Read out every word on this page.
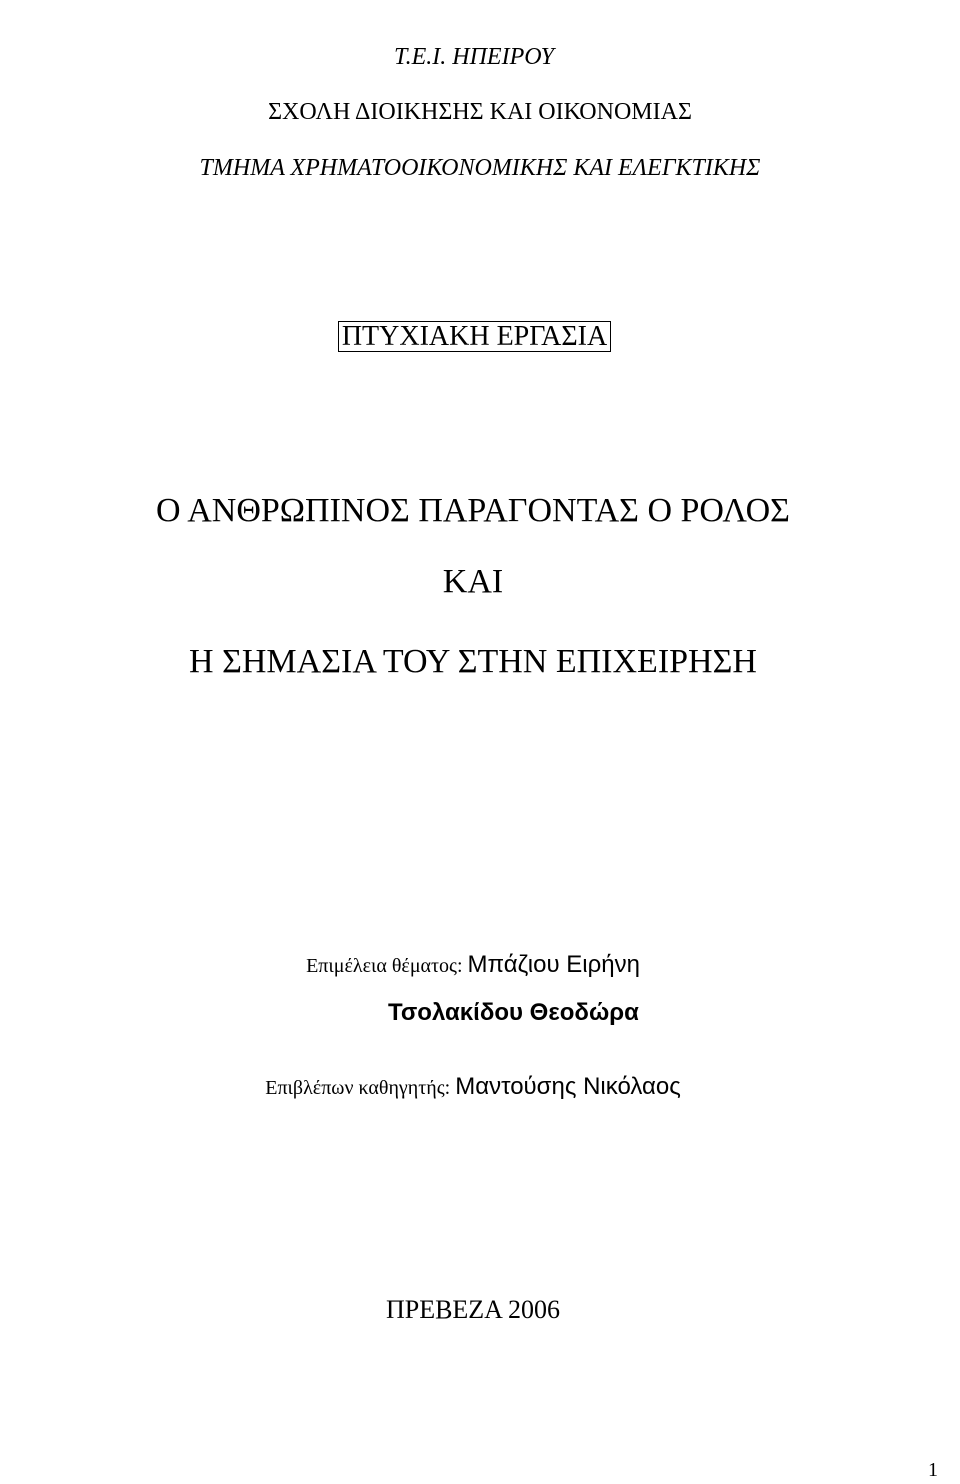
Τ.Ε.Ι. ΗΠΕΙΡΟΥ
ΣΧΟΛΗ ΔΙΟΙΚΗΣΗΣ ΚΑΙ ΟΙΚΟΝΟΜΙΑΣ
ΤΜΗΜΑ ΧΡΗΜΑΤΟΟΙΚΟΝΟΜΙΚΗΣ ΚΑΙ ΕΛΕΓΚΤΙΚΗΣ
ΠΤΥΧΙΑΚΗ ΕΡΓΑΣΙΑ
Ο ΑΝΘΡΩΠΙΝΟΣ ΠΑΡΑΓΟΝΤΑΣ Ο ΡΟΛΟΣ
ΚΑΙ
Η ΣΗΜΑΣΙΑ ΤΟΥ ΣΤΗΝ ΕΠΙΧΕΙΡΗΣΗ
Επιμέλεια θέματος: Μπάζιου Ειρήνη
Τσολακίδου Θεοδώρα
Επιβλέπων καθηγητής: Μαντούσης Νικόλαος
ΠΡΕΒΕΖΑ 2006
1
